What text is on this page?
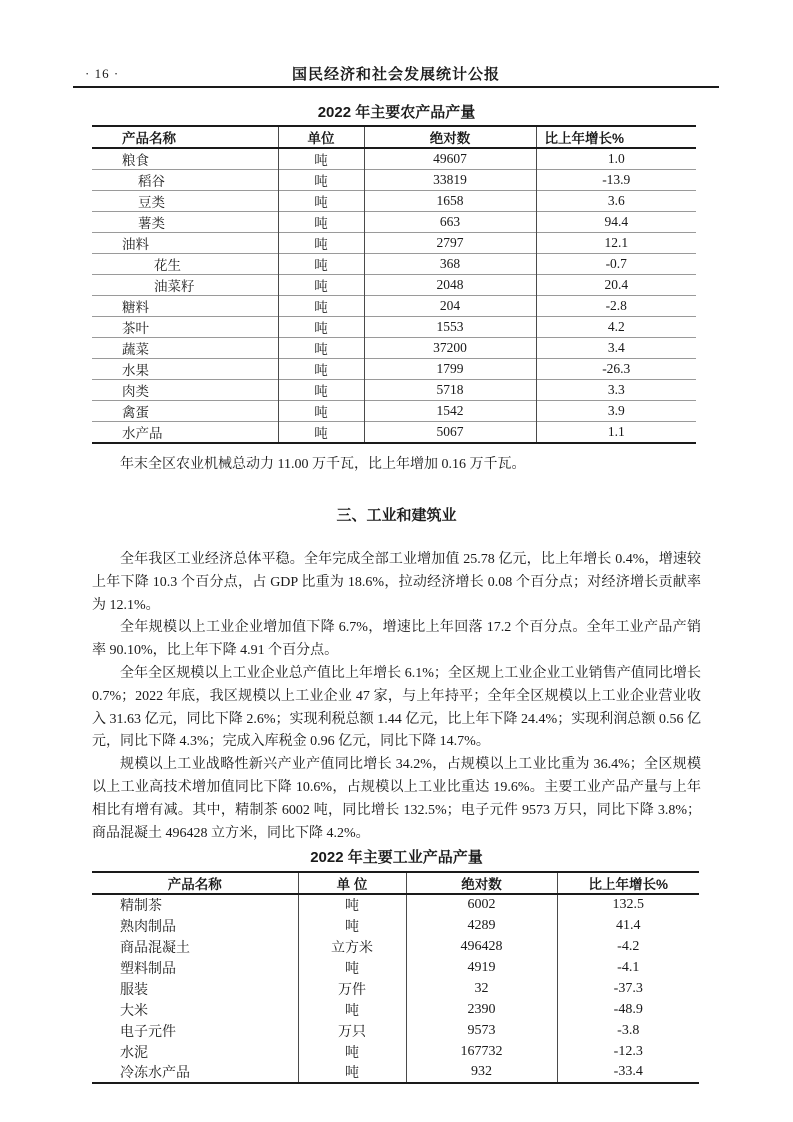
· 16 ·	国民经济和社会发展统计公报
2022 年主要农产品产量
产品名称	单位	绝对数	比上年增长%
粮食	吨	49607	1.0
稻谷	吨	33819	-13.9
豆类	吨	1658	3.6
薯类	吨	663	94.4
油料	吨	2797	12.1
花生	吨	368	-0.7
油菜籽	吨	2048	20.4
糖料	吨	204	-2.8
茶叶	吨	1553	4.2
蔬菜	吨	37200	3.4
水果	吨	1799	-26.3
肉类	吨	5718	3.3
禽蛋	吨	1542	3.9
水产品	吨	5067	1.1

年末全区农业机械总动力 11.00 万千瓦，比上年增加 0.16 万千瓦。

三、工业和建筑业

全年我区工业经济总体平稳。全年完成全部工业增加值 25.78 亿元，比上年增长 0.4%，增速较上年下降 10.3 个百分点，占 GDP 比重为 18.6%，拉动经济增长 0.08 个百分点；对经济增长贡献率为 12.1%。

全年规模以上工业企业增加值下降 6.7%，增速比上年回落 17.2 个百分点。全年工业产品产销率 90.10%，比上年下降 4.91 个百分点。

全年全区规模以上工业企业总产值比上年增长 6.1%；全区规上工业企业工业销售产值同比增长 0.7%；2022 年底，我区规模以上工业企业 47 家，与上年持平；全年全区规模以上工业企业营业收入 31.63 亿元，同比下降 2.6%；实现利税总额 1.44 亿元，比上年下降 24.4%；实现利润总额 0.56 亿元，同比下降 4.3%；完成入库税金 0.96 亿元，同比下降 14.7%。

规模以上工业战略性新兴产业产值同比增长 34.2%，占规模以上工业比重为 36.4%；全区规模以上工业高技术增加值同比下降 10.6%，占规模以上工业比重达 19.6%。主要工业产品产量与上年相比有增有减。其中，精制茶 6002 吨，同比增长 132.5%；电子元件 9573 万只，同比下降 3.8%；商品混凝土 496428 立方米，同比下降 4.2%。

2022 年主要工业产品产量
产品名称	单 位	绝对数	比上年增长%
精制茶	吨	6002	132.5
熟肉制品	吨	4289	41.4
商品混凝土	立方米	496428	-4.2
塑料制品	吨	4919	-4.1
服装	万件	32	-37.3
大米	吨	2390	-48.9
电子元件	万只	9573	-3.8
水泥	吨	167732	-12.3
冷冻水产品	吨	932	-33.4
